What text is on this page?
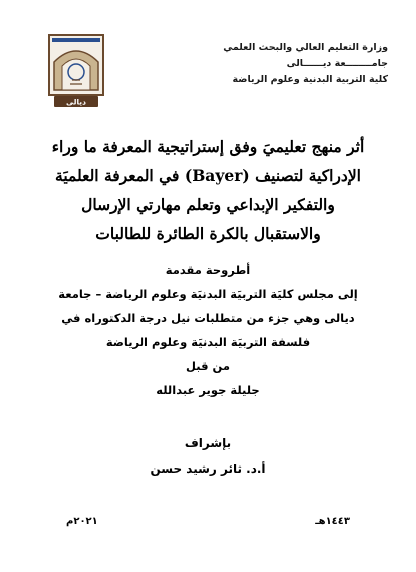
وزارة التعليم العالي والبحث العلمي
جامــــــــعة ديــــــالى
كلية التربية البدنية وعلوم الرياضة
ديالى
أثر منهج تعليميَ وفق إستراتيجية المعرفة ما وراء
الإدراكية لتصنيف (Bayer) في المعرفة العلميَة
والتفكير الإبداعي وتعلم مهارتي الإرسال
والاستقبال بالكرة الطائرة للطالبات
أطروحة مقدمة
إلى مجلس كليَة التربيَة البدنيَة وعلوم الرياضة – جامعة
ديالى وهي جزء من متطلبات نيل درجة الدكتوراه في
فلسفة التربيَة البدنيَة وعلوم الرياضة
من قبل
جليلة جوير عبدالله
بإشراف
أ.د. ثائر رشيد حسن
١٤٤٣هـ
٢٠٢١م
